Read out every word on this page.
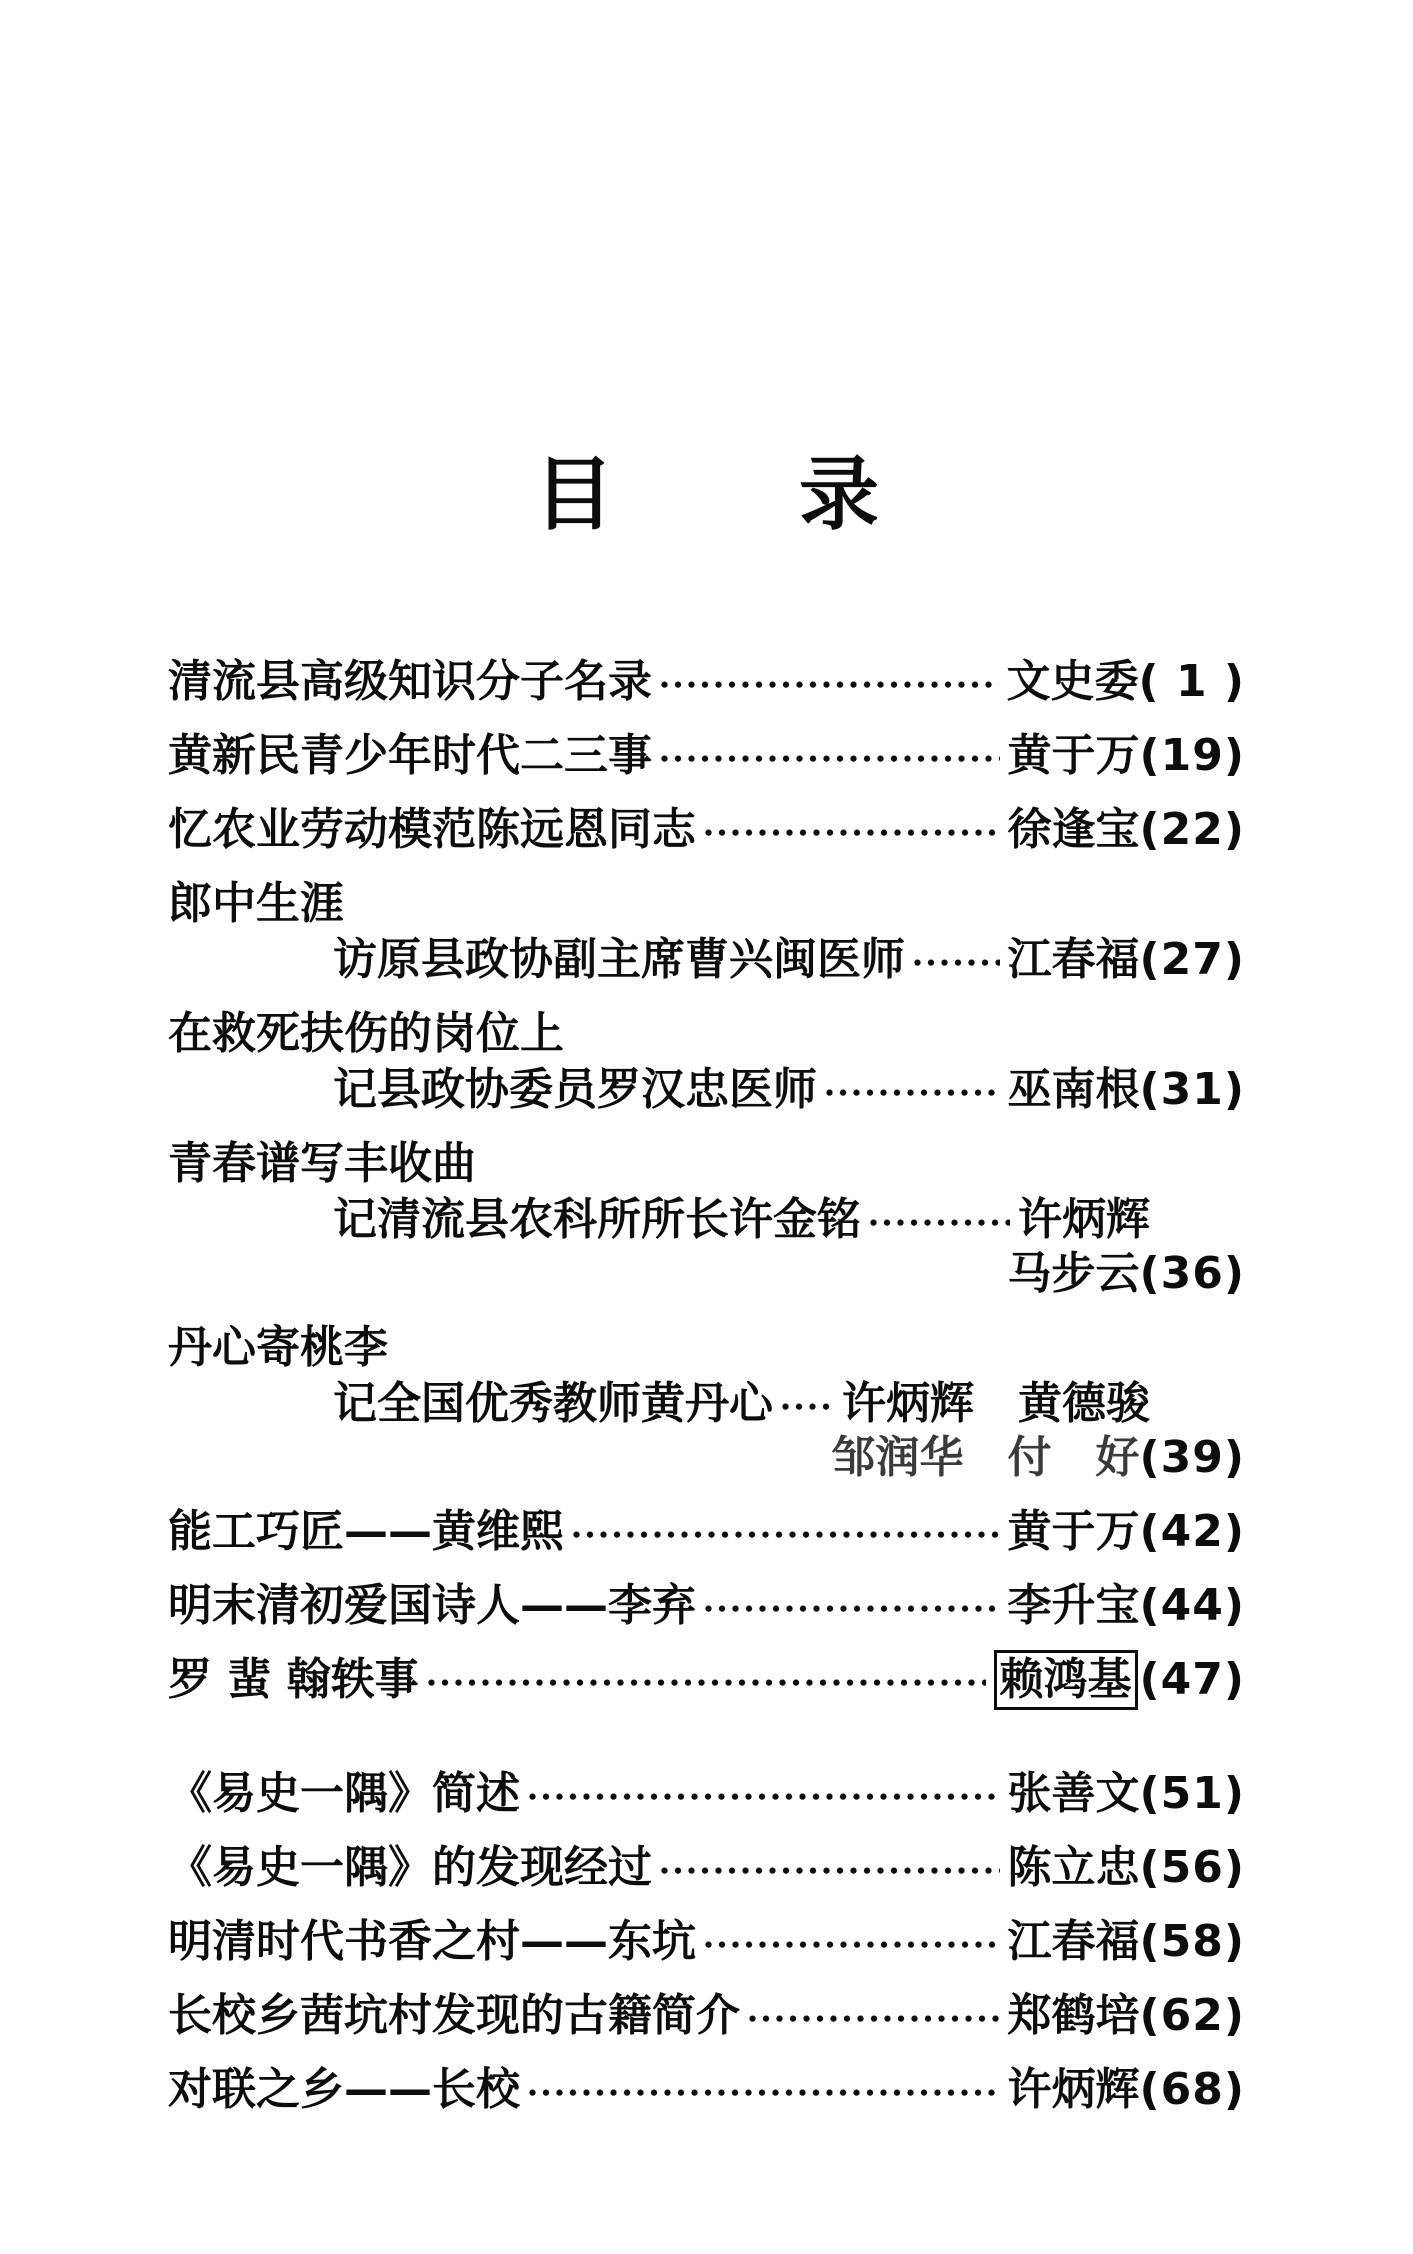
目 录
清流县高级知识分子名录	文史委 ( 1 )
黄新民青少年时代二三事	黄于万 (19)
忆农业劳动模范陈远恩同志	徐逢宝 (22)
郎中生涯
访原县政协副主席曹兴闽医师 江春福 (27)
在救死扶伤的岗位上
记县政协委员罗汉忠医师	巫南根 (31)
青春谱写丰收曲
记清流县农科所所长许金铭	许炳辉
马步云 (36)
丹心寄桃李
记全国优秀教师黄丹心 许炳辉　黄德骏
邹润华　付　好 (39)
能工巧匠——黄维熙	黄于万 (42)
明末清初爱国诗人——李弃	李升宝 (44)
罗 蜚 翰轶事	赖鸿基 (47)
《易史一隅》简述	张善文 (51)
《易史一隅》的发现经过	陈立忠 (56)
明清时代书香之村——东坑	江春福 (58)
长校乡茜坑村发现的古籍简介	郑鹤培 (62)
对联之乡——长校	许炳辉 (68)
